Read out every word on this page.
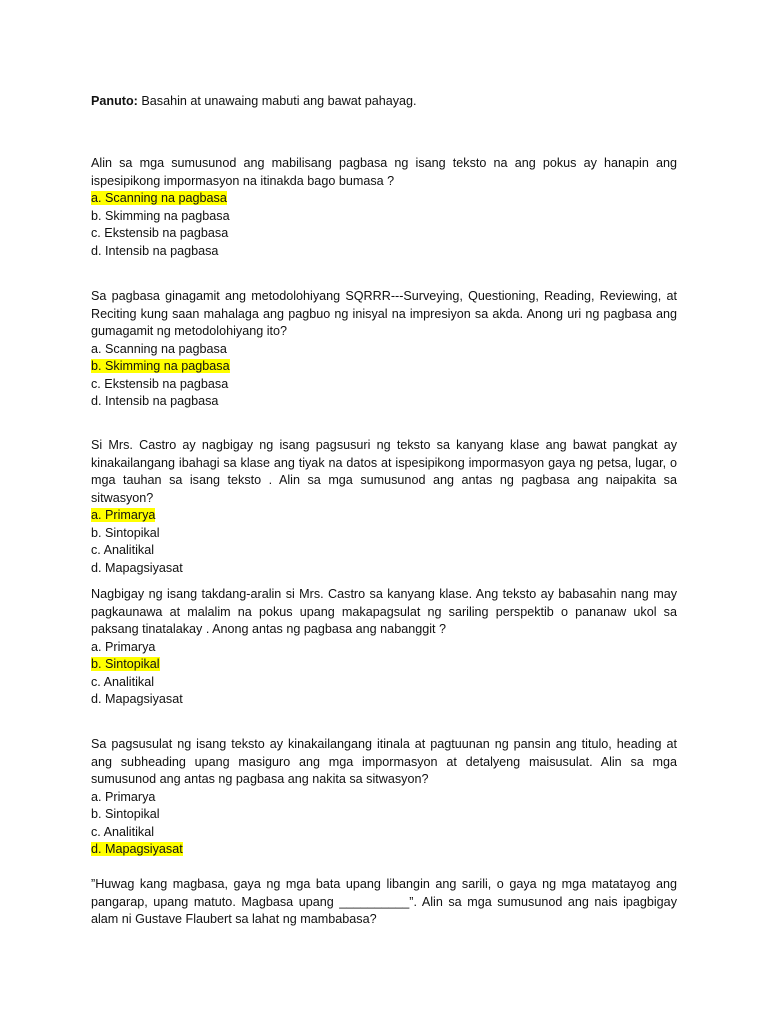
Panuto: Basahin at unawaing mabuti ang bawat pahayag.
Alin sa mga sumusunod ang mabilisang pagbasa ng isang teksto na ang pokus ay hanapin ang ispesipikong impormasyon na itinakda bago bumasa ?
a. Scanning na pagbasa
b. Skimming na pagbasa
c. Ekstensib na pagbasa
d. Intensib na pagbasa
Sa pagbasa ginagamit ang metodolohiyang SQRRR---Surveying, Questioning, Reading, Reviewing, at Reciting kung saan mahalaga ang pagbuo ng inisyal na impresiyon sa akda. Anong uri ng pagbasa ang gumagamit ng metodolohiyang ito?
a. Scanning na pagbasa
b. Skimming na pagbasa
c. Ekstensib na pagbasa
d. Intensib na pagbasa
Si Mrs. Castro ay nagbigay ng isang pagsusuri ng teksto sa kanyang klase ang bawat pangkat ay kinakailangang ibahagi sa klase ang tiyak na datos at ispesipikong impormasyon gaya ng petsa, lugar, o mga tauhan sa isang teksto . Alin sa mga sumusunod ang antas ng pagbasa ang naipakita sa sitwasyon?
a. Primarya
b. Sintopikal
c. Analitikal
d. Mapagsiyasat
Nagbigay ng isang takdang-aralin si Mrs. Castro sa kanyang klase. Ang teksto ay babasahin nang may pagkaunawa at malalim na pokus upang makapagsulat ng sariling perspektib o pananaw ukol sa paksang tinatalakay . Anong antas ng pagbasa ang nabanggit ?
a. Primarya
b. Sintopikal
c. Analitikal
d. Mapagsiyasat
Sa pagsusulat ng isang teksto ay kinakailangang itinala at pagtuunan ng pansin ang titulo, heading at ang subheading upang masiguro ang mga impormasyon at detalyeng maisusulat. Alin sa mga sumusunod ang antas ng pagbasa ang nakita sa sitwasyon?
a. Primarya
b. Sintopikal
c. Analitikal
d. Mapagsiyasat
”Huwag kang magbasa, gaya ng mga bata upang libangin ang sarili, o gaya ng mga matatayog ang pangarap, upang matuto. Magbasa upang __________”. Alin sa mga sumusunod ang nais ipagbigay alam ni Gustave Flaubert sa lahat ng mambabasa?
